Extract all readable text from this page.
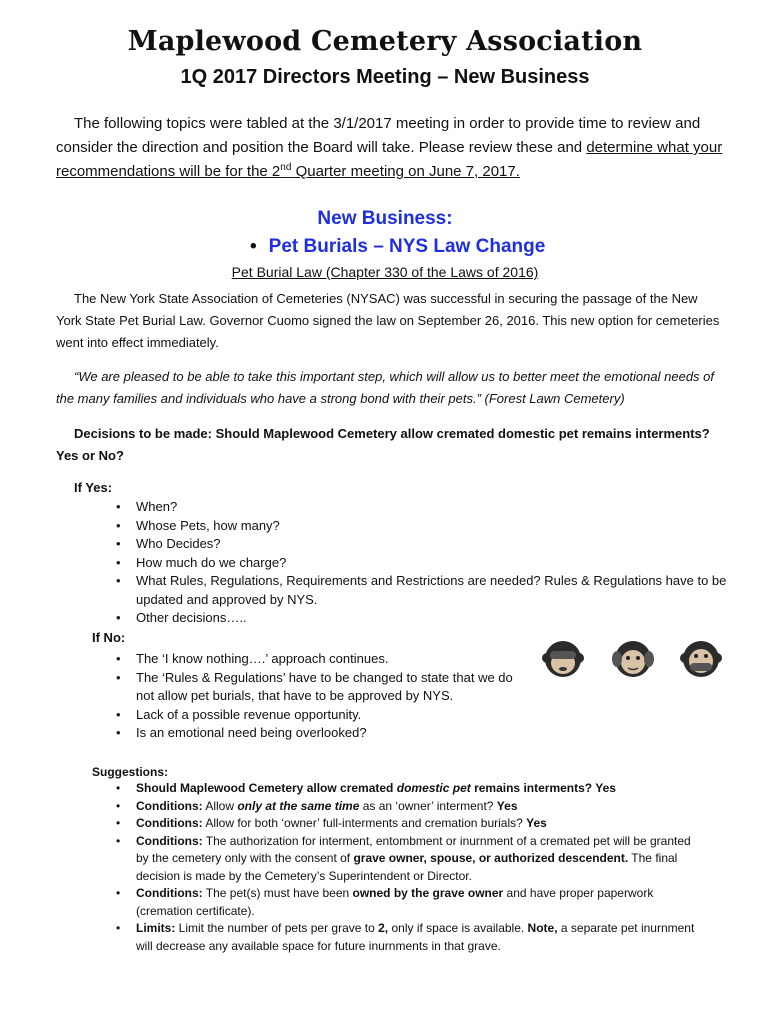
Maplewood Cemetery Association
1Q 2017 Directors Meeting – New Business
The following topics were tabled at the 3/1/2017 meeting in order to provide time to review and consider the direction and position the Board will take. Please review these and determine what your recommendations will be for the 2nd Quarter meeting on June 7, 2017.
New Business:
• Pet Burials – NYS Law Change
Pet Burial Law (Chapter 330 of the Laws of 2016)
The New York State Association of Cemeteries (NYSAC) was successful in securing the passage of the New York State Pet Burial Law. Governor Cuomo signed the law on September 26, 2016. This new option for cemeteries went into effect immediately.
“We are pleased to be able to take this important step, which will allow us to better meet the emotional needs of the many families and individuals who have a strong bond with their pets.” (Forest Lawn Cemetery)
Decisions to be made: Should Maplewood Cemetery allow cremated domestic pet remains interments? Yes or No?
If Yes:
• When?
• Whose Pets, how many?
• Who Decides?
• How much do we charge?
• What Rules, Regulations, Requirements and Restrictions are needed? Rules & Regulations have to be updated and approved by NYS.
• Other decisions…..
If No:
• The ‘I know nothing….’ approach continues.
• The ‘Rules & Regulations’ have to be changed to state that we do not allow pet burials, that have to be approved by NYS.
• Lack of a possible revenue opportunity.
• Is an emotional need being overlooked?
Suggestions:
• Should Maplewood Cemetery allow cremated domestic pet remains interments? Yes
• Conditions: Allow only at the same time as an ‘owner’ interment? Yes
• Conditions: Allow for both ‘owner’ full-interments and cremation burials? Yes
• Conditions: The authorization for interment, entombment or inurnment of a cremated pet will be granted by the cemetery only with the consent of grave owner, spouse, or authorized descendent. The final decision is made by the Cemetery’s Superintendent or Director.
• Conditions: The pet(s) must have been owned by the grave owner and have proper paperwork (cremation certificate).
• Limits: Limit the number of pets per grave to 2, only if space is available. Note, a separate pet inurnment will decrease any available space for future inurnments in that grave.
